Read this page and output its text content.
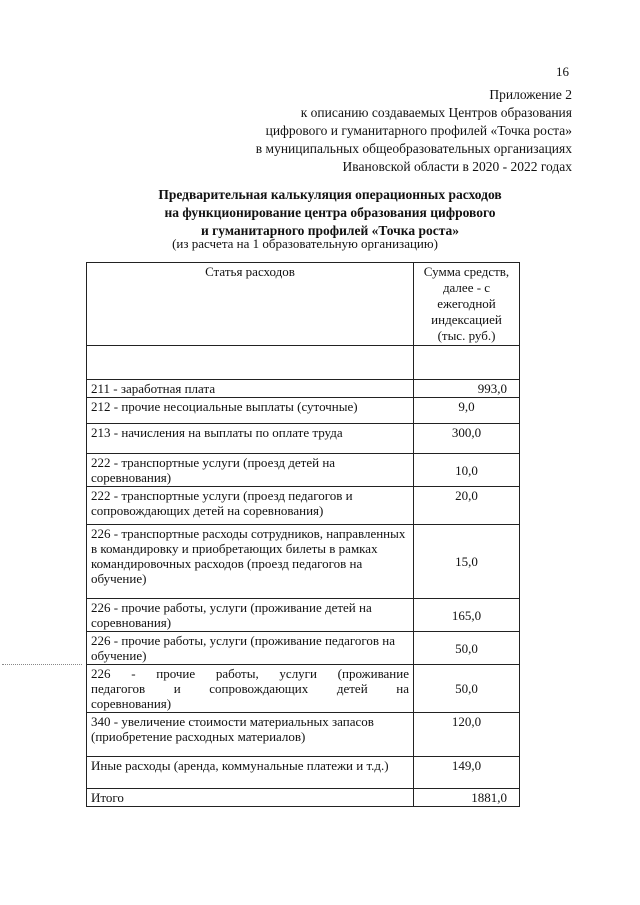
16
Приложение 2
к описанию создаваемых Центров образования
цифрового и гуманитарного профилей «Точка роста»
в муниципальных общеобразовательных организациях
Ивановской области в 2020 - 2022 годах
Предварительная калькуляция операционных расходов
на функционирование центра образования цифрового
и гуманитарного профилей «Точка роста»
(из расчета на 1 образовательную организацию)
Статья расходов	Сумма средств,
далее - с ежегодной
индексацией
(тыс. руб.)

211 - заработная плата	993,0
212 - прочие несоциальные выплаты (суточные)	9,0
213 - начисления на выплаты по оплате труда	300,0
222 - транспортные услуги (проезд детей на соревнования)	10,0
222 - транспортные услуги (проезд педагогов и сопровождающих детей на соревнования)	20,0
226 - транспортные расходы сотрудников, направленных в командировку и приобретающих билеты в рамках командировочных расходов (проезд педагогов на обучение)	15,0
226 - прочие работы, услуги (проживание детей на соревнования)	165,0
226 - прочие работы, услуги (проживание педагогов на обучение)	50,0

226 - прочие работы, услуги (проживание
педагогов и сопровождающих детей на
соревнования)	50,0
340 - увеличение стоимости материальных запасов (приобретение расходных материалов)	120,0
Иные расходы (аренда, коммунальные платежи и т.д.)	149,0
Итого	1881,0
